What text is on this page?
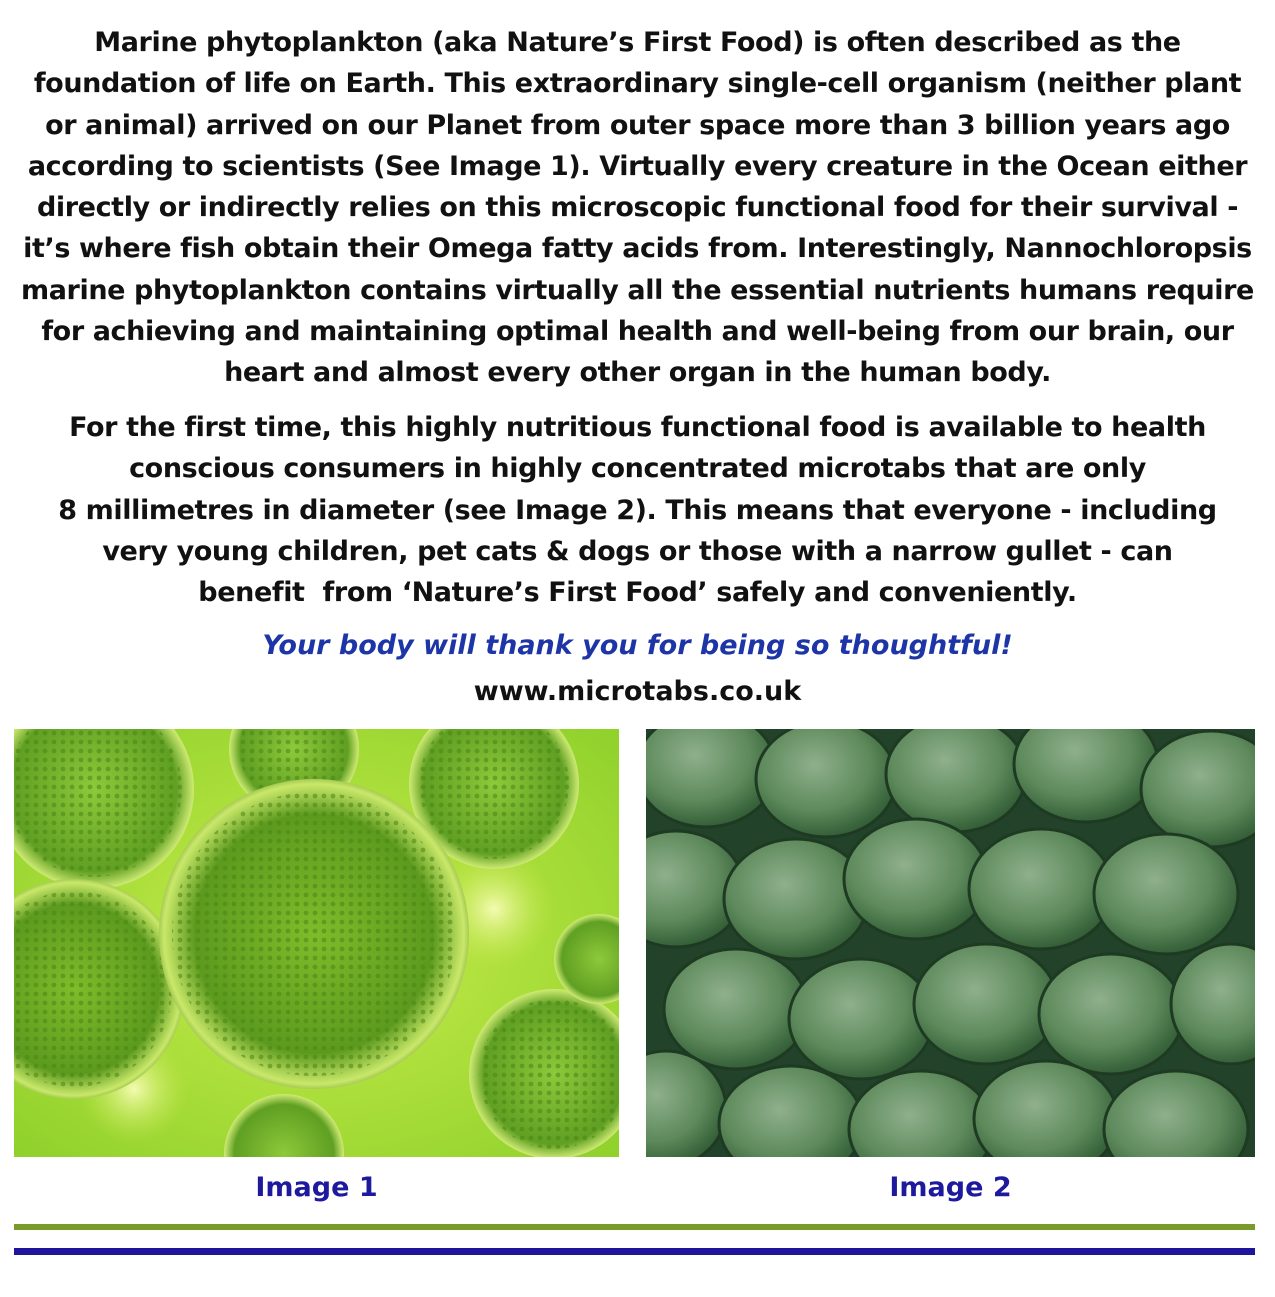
Marine phytoplankton (aka Nature’s First Food) is often described as the
foundation of life on Earth. This extraordinary single-cell organism (neither plant
or animal) arrived on our Planet from outer space more than 3 billion years ago
according to scientists (See Image 1). Virtually every creature in the Ocean either
directly or indirectly relies on this microscopic functional food for their survival -
it’s where fish obtain their Omega fatty acids from. Interestingly, Nannochloropsis
marine phytoplankton contains virtually all the essential nutrients humans require
for achieving and maintaining optimal health and well-being from our brain, our
heart and almost every other organ in the human body.
For the first time, this highly nutritious functional food is available to health
conscious consumers in highly concentrated microtabs that are only
8 millimetres in diameter (see Image 2). This means that everyone - including
very young children, pet cats & dogs or those with a narrow gullet - can
benefit  from ‘Nature’s First Food’ safely and conveniently.
Your body will thank you for being so thoughtful!
www.microtabs.co.uk
Image 1	Image 2
